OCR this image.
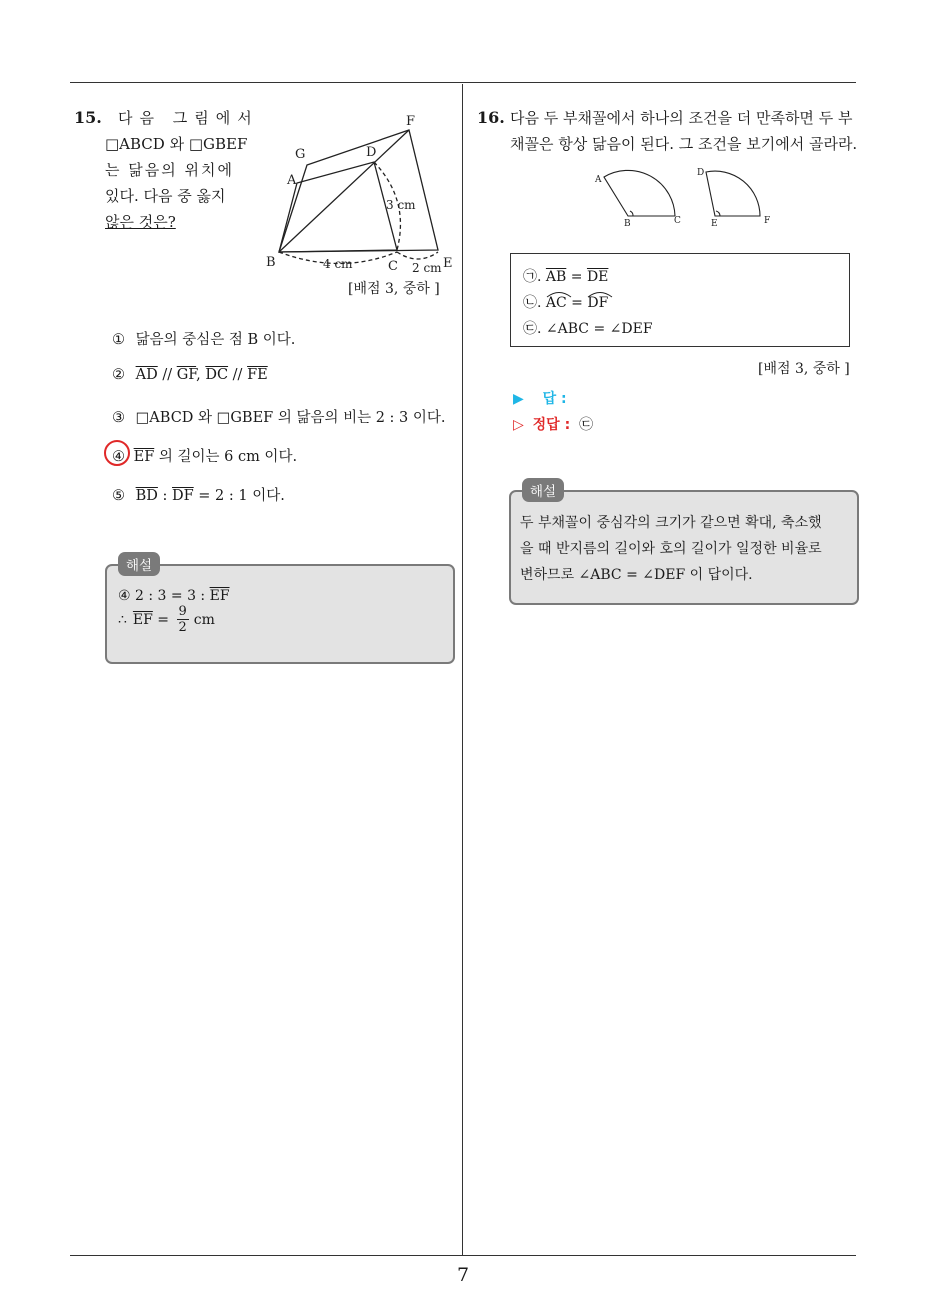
7
15. 다음 그림에서
□ABCD 와 □GBEF
는 닮음의 위치에
있다. 다음 중 옳지
않은 것은?
F
G	D
A
B	C	E
3 cm
4 cm	2 cm
[배점 3, 중하 ]
① 닮음의 중심은 점 B 이다.
② $\overline{AD} // \overline{GF}$, $\overline{DC} // \overline{FE}$
③ □ABCD 와 □GBEF 의 닮음의 비는 2 : 3 이다.
④ $\overline{EF}$ 의 길이는 6 cm 이다.
⑤ $\overline{BD}$ : $\overline{DF} = 2$ : 1 이다.
해설
④ 2 : 3 = 3 : $\overline{EF}$
∴ $\overline{EF} = \frac{9}{2}$ cm
16. 다음 두 부채꼴에서 하나의 조건을 더 만족하면 두 부
채꼴은 항상 닮음이 된다. 그 조건을 보기에서 골라라.
A
B	C
D
E	F
㉠. $\overline{AB} = \overline{DE}$
㉡. AC =
DF
㉢. ∠ABC = ∠DEF
[배점 3, 중하 ]
▶ 답 :
▷ 정답 : ㉢
해설
두 부채꼴이 중심각의 크기가 같으면 확대, 축소했
을 때 반지름의 길이와 호의 길이가 일정한 비율로
변하므로 ∠ABC = ∠DEF 이 답이다.
